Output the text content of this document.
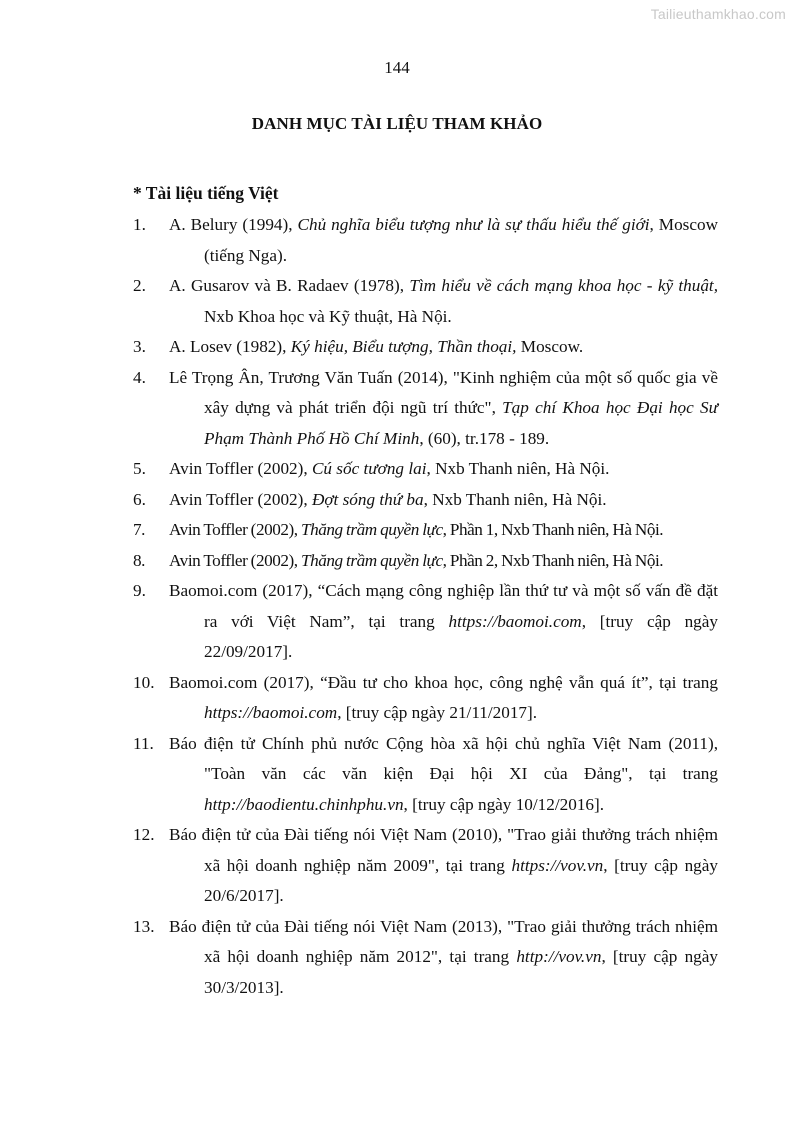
Tailieuthamkhao.com
144
DANH MỤC TÀI LIỆU THAM KHẢO
* Tài liệu tiếng Việt
1.	A. Belury (1994), Chủ nghĩa biểu tượng như là sự thấu hiểu thế giới, Moscow (tiếng Nga).
2.	A. Gusarov và B. Radaev (1978), Tìm hiểu về cách mạng khoa học - kỹ thuật, Nxb Khoa học và Kỹ thuật, Hà Nội.
3.	A. Losev (1982), Ký hiệu, Biểu tượng, Thần thoại, Moscow.
4.	Lê Trọng Ân, Trương Văn Tuấn (2014), "Kinh nghiệm của một số quốc gia về xây dựng và phát triển đội ngũ trí thức", Tạp chí Khoa học Đại học Sư Phạm Thành Phố Hồ Chí Minh, (60), tr.178 - 189.
5.	Avin Toffler (2002), Cú sốc tương lai, Nxb Thanh niên, Hà Nội.
6.	Avin Toffler (2002), Đợt sóng thứ ba, Nxb Thanh niên, Hà Nội.
7.	Avin Toffler (2002), Thăng trầm quyền lực, Phần 1, Nxb Thanh niên, Hà Nội.
8.	Avin Toffler (2002), Thăng trầm quyền lực, Phần 2, Nxb Thanh niên, Hà Nội.
9.	Baomoi.com (2017), “Cách mạng công nghiệp lần thứ tư và một số vấn đề đặt ra với Việt Nam”, tại trang https://baomoi.com, [truy cập ngày 22/09/2017].
10. Baomoi.com (2017), “Đầu tư cho khoa học, công nghệ vẫn quá ít”, tại trang https://baomoi.com, [truy cập ngày 21/11/2017].
11. Báo điện tử Chính phủ nước Cộng hòa xã hội chủ nghĩa Việt Nam (2011), "Toàn văn các văn kiện Đại hội XI của Đảng", tại trang http://baodientu.chinhphu.vn, [truy cập ngày 10/12/2016].
12. Báo điện tử của Đài tiếng nói Việt Nam (2010), "Trao giải thưởng trách nhiệm xã hội doanh nghiệp năm 2009", tại trang https://vov.vn, [truy cập ngày 20/6/2017].
13. Báo điện tử của Đài tiếng nói Việt Nam (2013), "Trao giải thưởng trách nhiệm xã hội doanh nghiệp năm 2012", tại trang http://vov.vn, [truy cập ngày 30/3/2013].
